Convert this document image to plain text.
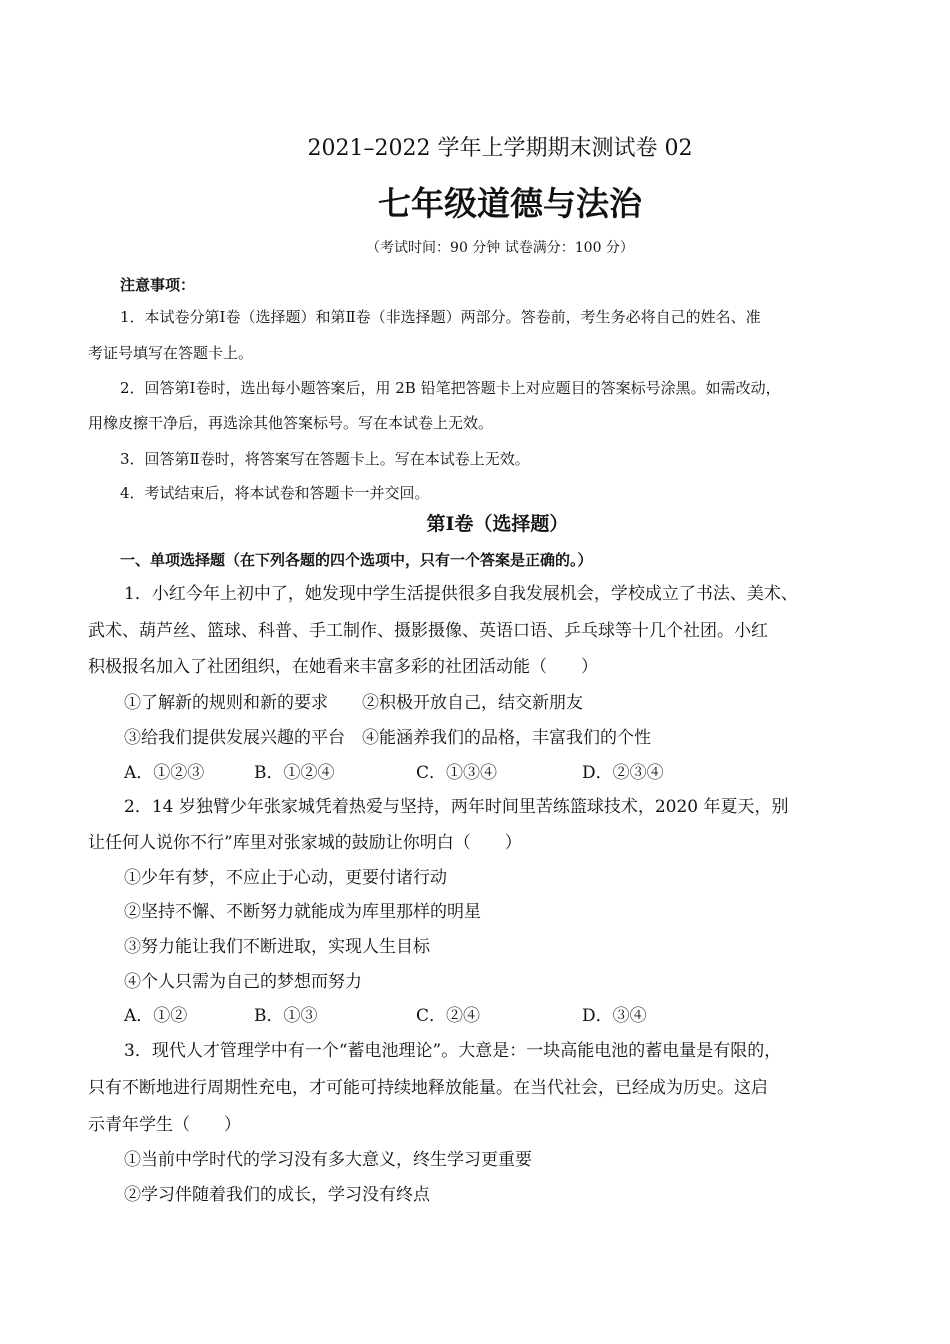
2021–2022 学年上学期期末测试卷 02
七年级道德与法治
（考试时间：90 分钟 试卷满分：100 分）
注意事项：
1．本试卷分第Ⅰ卷（选择题）和第Ⅱ卷（非选择题）两部分。答卷前，考生务必将自己的姓名、准
考证号填写在答题卡上。
2．回答第Ⅰ卷时，选出每小题答案后，用 2B 铅笔把答题卡上对应题目的答案标号涂黑。如需改动，
用橡皮擦干净后，再选涂其他答案标号。写在本试卷上无效。
3．回答第Ⅱ卷时，将答案写在答题卡上。写在本试卷上无效。
4．考试结束后，将本试卷和答题卡一并交回。
第Ⅰ卷（选择题）
一、单项选择题（在下列各题的四个选项中，只有一个答案是正确的。）
1．小红今年上初中了，她发现中学生活提供很多自我发展机会，学校成立了书法、美术、
武术、葫芦丝、篮球、科普、手工制作、摄影摄像、英语口语、乒乓球等十几个社团。小红
积极报名加入了社团组织，在她看来丰富多彩的社团活动能（　　）
①了解新的规则和新的要求　　②积极开放自己，结交新朋友
③给我们提供发展兴趣的平台　④能涵养我们的品格，丰富我们的个性
A．①②③	B．①②④	C．①③④	D．②③④
2．14 岁独臂少年张家城凭着热爱与坚持，两年时间里苦练篮球技术，2020 年夏天，别
让任何人说你不行”库里对张家城的鼓励让你明白（　　）
①少年有梦，不应止于心动，更要付诸行动
②坚持不懈、不断努力就能成为库里那样的明星
③努力能让我们不断进取，实现人生目标
④个人只需为自己的梦想而努力
A．①②	B．①③	C．②④	D．③④
3．现代人才管理学中有一个“蓄电池理论”。大意是：一块高能电池的蓄电量是有限的，
只有不断地进行周期性充电，才可能可持续地释放能量。在当代社会，已经成为历史。这启
示青年学生（　　）
①当前中学时代的学习没有多大意义，终生学习更重要
②学习伴随着我们的成长，学习没有终点
